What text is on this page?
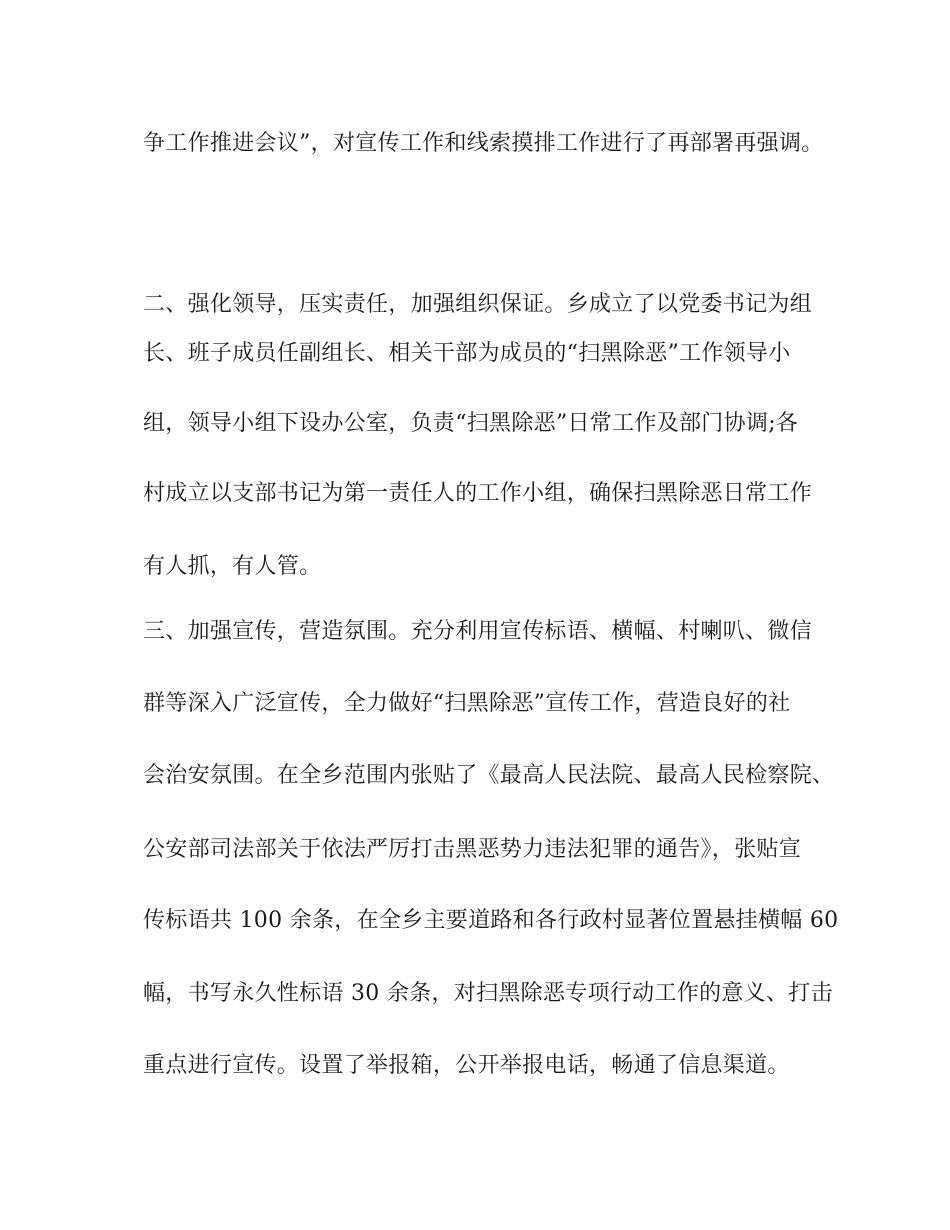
争工作推进会议”，对宣传工作和线索摸排工作进行了再部署再强调。

二、强化领导，压实责任，加强组织保证。乡成立了以党委书记为组

长、班子成员任副组长、相关干部为成员的“扫黑除恶”工作领导小

组，领导小组下设办公室，负责“扫黑除恶”日常工作及部门协调;各

村成立以支部书记为第一责任人的工作小组，确保扫黑除恶日常工作

有人抓，有人管。

三、加强宣传，营造氛围。充分利用宣传标语、横幅、村喇叭、微信

群等深入广泛宣传，全力做好“扫黑除恶”宣传工作，营造良好的社

会治安氛围。在全乡范围内张贴了《最高人民法院、最高人民检察院、

公安部司法部关于依法严厉打击黑恶势力违法犯罪的通告》，张贴宣

传标语共 100 余条，在全乡主要道路和各行政村显著位置悬挂横幅 60

幅，书写永久性标语 30 余条，对扫黑除恶专项行动工作的意义、打击

重点进行宣传。设置了举报箱，公开举报电话，畅通了信息渠道。
